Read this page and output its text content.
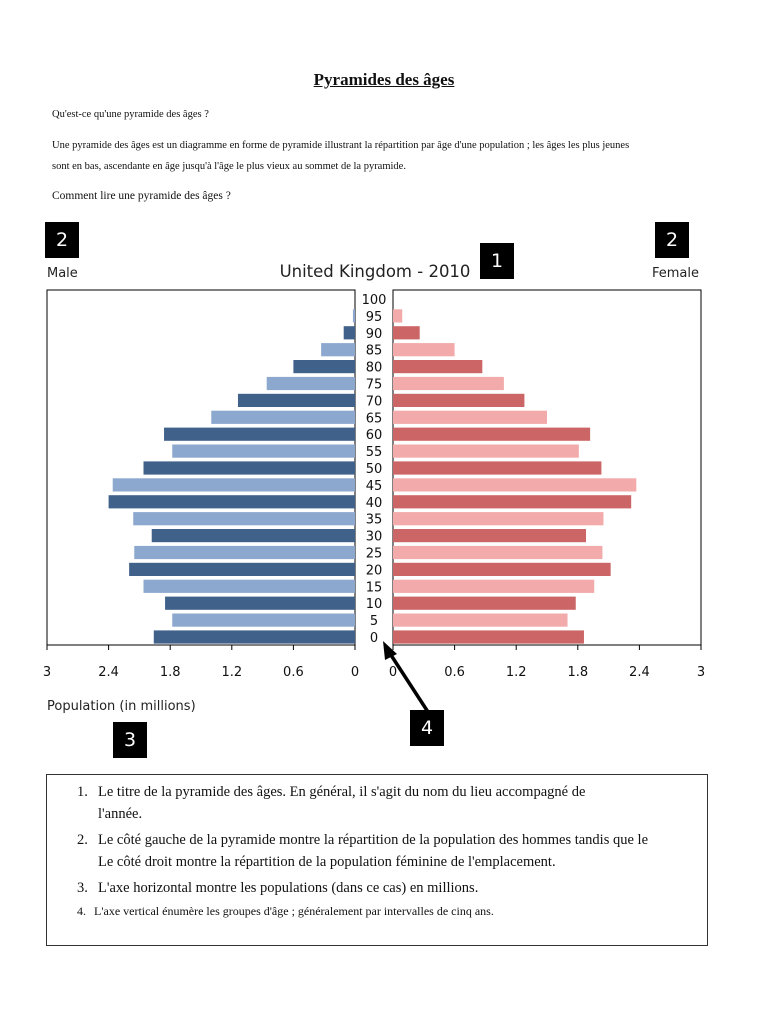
Pyramides des âges
Qu'est-ce qu'une pyramide des âges ?
Une pyramide des âges est un diagramme en forme de pyramide illustrant la répartition par âge d'une population ; les âges les plus jeunes
sont en bas, ascendante en âge jusqu'à l'âge le plus vieux au sommet de la pyramide.
Comment lire une pyramide des âges ?
0
5
10
15
20
25
30
35
40
45
50
55
60
65
70
75
80
85
90
95
100
3	2.4	1.8	1.2	0.6	0 0	0.6	1.2	1.8	2.4	3
United Kingdom - 2010
Male	Female
Population (in millions)
2	2
1
3
4
1. Le titre de la pyramide des âges. En général, il s'agit du nom du lieu accompagné de
l'année.
2. Le côté gauche de la pyramide montre la répartition de la population des hommes tandis que le
Le côté droit montre la répartition de la population féminine de l'emplacement.
3. L'axe horizontal montre les populations (dans ce cas) en millions.
4. L'axe vertical énumère les groupes d'âge ; généralement par intervalles de cinq ans.
